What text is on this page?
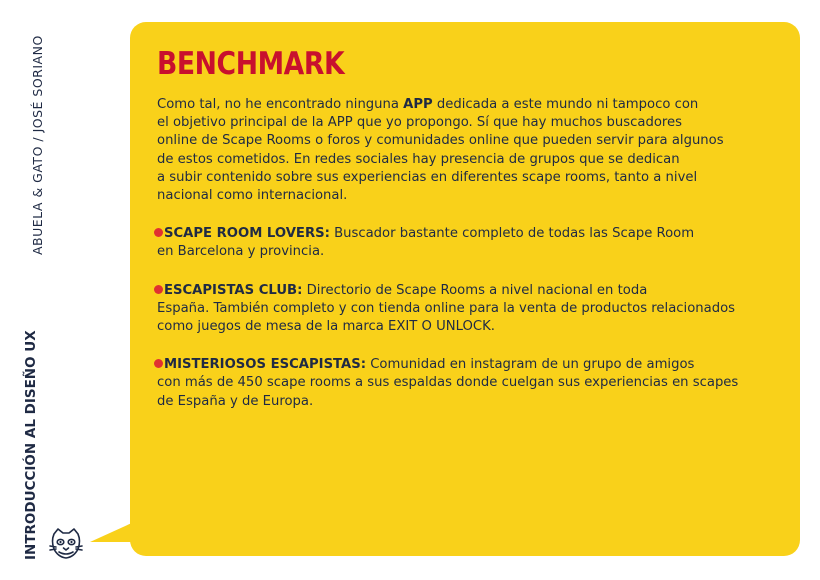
ABUELA & GATO / JOSÉ SORIANO
INTRODUCCIÓN AL DISEÑO UX
BENCHMARK

Como tal, no he encontrado ninguna APP dedicada a este mundo ni tampoco con

el objetivo principal de la APP que yo propongo. Sí que hay muchos buscadores

online de Scape Rooms o foros y comunidades online que pueden servir para algunos

de estos cometidos. En redes sociales hay presencia de grupos que se dedican

a subir contenido sobre sus experiencias en diferentes scape rooms, tanto a nivel

nacional como internacional.

SCAPE ROOM LOVERS: Buscador bastante completo de todas las Scape Room

en Barcelona y provincia.

ESCAPISTAS CLUB: Directorio de Scape Rooms a nivel nacional en toda

España. También completo y con tienda online para la venta de productos relacionados

como juegos de mesa de la marca EXIT O UNLOCK.

MISTERIOSOS ESCAPISTAS: Comunidad en instagram de un grupo de amigos

con más de 450 scape rooms a sus espaldas donde cuelgan sus experiencias en scapes

de España y de Europa.
